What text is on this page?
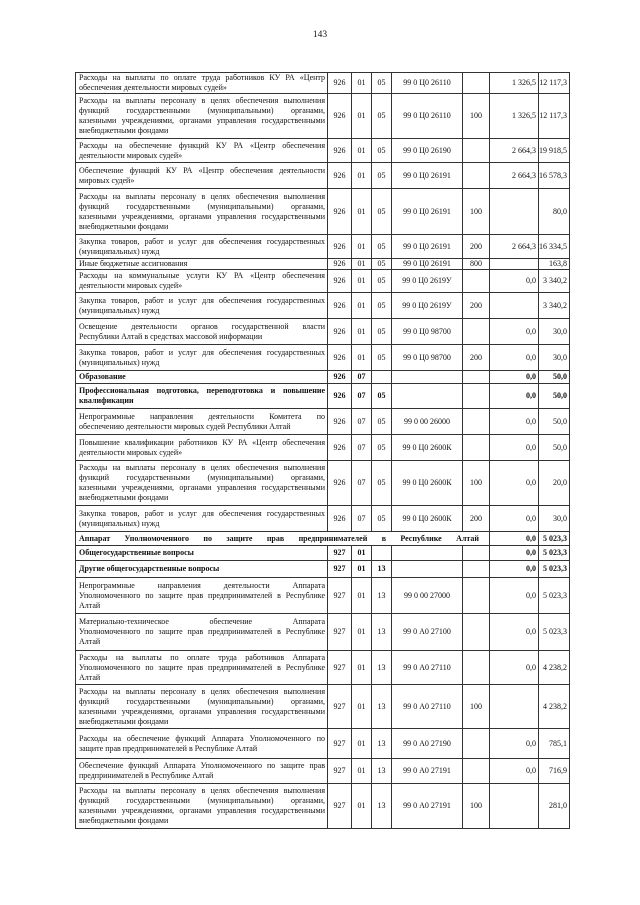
143
Расходы на выплаты по оплате труда работников КУ РА «Центр
обеспечения деятельности мировых судей»	926	01	05	99 0 Ц0 26110		1 326,5	12 117,3

Расходы на выплаты персоналу в целях обеспечения выполнения
функций государственными (муниципальными) органами,
казенными учреждениями, органами управления государственными
внебюджетными фондами	926	01	05	99 0 Ц0 26110	100	1 326,5	12 117,3

Расходы на обеспечение функций КУ РА «Центр обеспечения
деятельности мировых судей»	926	01	05	99 0 Ц0 26190		2 664,3	19 918,5

Обеспечение функций КУ РА «Центр обеспечения деятельности
мировых судей»	926	01	05	99 0 Ц0 26191		2 664,3	16 578,3

Расходы на выплаты персоналу в целях обеспечения выполнения
функций государственными (муниципальными) органами,
казенными учреждениями, органами управления государственными
внебюджетными фондами	926	01	05	99 0 Ц0 26191	100		80,0

Закупка товаров, работ и услуг для обеспечения государственных
(муниципальных) нужд	926	01	05	99 0 Ц0 26191	200	2 664,3	16 334,5

Иные бюджетные ассигнования	926	01	05	99 0 Ц0 26191	800		163,8

Расходы на коммунальные услуги КУ РА «Центр обеспечения
деятельности мировых судей»	926	01	05	99 0 Ц0 2619У		0,0	3 340,2

Закупка товаров, работ и услуг для обеспечения государственных
(муниципальных) нужд	926	01	05	99 0 Ц0 2619У	200		3 340,2

Освещение деятельности органов государственной власти
Республики Алтай в средствах массовой информации	926	01	05	99 0 Ц0 98700		0,0	30,0

Закупка товаров, работ и услуг для обеспечения государственных
(муниципальных) нужд	926	01	05	99 0 Ц0 98700	200	0,0	30,0

Образование	926	07				0,0	50,0

Профессиональная подготовка, переподготовка и повышение
квалификации	926	07	05			0,0	50,0

Непрограммные направления деятельности Комитета по
обеспечению деятельности мировых судей Республики Алтай	926	07	05	99 0 00 26000		0,0	50,0

Повышение квалификации работников КУ РА «Центр обеспечения
деятельности мировых судей»	926	07	05	99 0 Ц0 2600К		0,0	50,0

Расходы на выплаты персоналу в целях обеспечения выполнения
функций государственными (муниципальными) органами,
казенными учреждениями, органами управления государственными
внебюджетными фондами	926	07	05	99 0 Ц0 2600К	100	0,0	20,0

Закупка товаров, работ и услуг для обеспечения государственных
(муниципальных) нужд	926	07	05	99 0 Ц0 2600К	200	0,0	30,0

Аппарат Уполномоченного по защите прав предпринимателей в Республике Алтай						0,0	5 023,3

Общегосударственные вопросы	927	01				0,0	5 023,3

Другие общегосударственные вопросы	927	01	13			0,0	5 023,3

Непрограммные направления деятельности Аппарата
Уполномоченного по защите прав предпринимателей в Республике
Алтай	927	01	13	99 0 00 27000		0,0	5 023,3

Материально-техническое обеспечение Аппарата
Уполномоченного по защите прав предпринимателей в Республике
Алтай	927	01	13	99 0 А0 27100		0,0	5 023,3

Расходы на выплаты по оплате труда работников Аппарата
Уполномоченного по защите прав предпринимателей в Республике
Алтай	927	01	13	99 0 А0 27110		0,0	4 238,2

Расходы на выплаты персоналу в целях обеспечения выполнения
функций государственными (муниципальными) органами,
казенными учреждениями, органами управления государственными
внебюджетными фондами	927	01	13	99 0 А0 27110	100		4 238,2

Расходы на обеспечение функций Аппарата Уполномоченного по
защите прав предпринимателей в Республике Алтай	927	01	13	99 0 А0 27190		0,0	785,1

Обеспечение функций Аппарата Уполномоченного по защите прав
предпринимателей в Республике Алтай	927	01	13	99 0 А0 27191		0,0	716,9

Расходы на выплаты персоналу в целях обеспечения выполнения
функций государственными (муниципальными) органами,
казенными учреждениями, органами управления государственными
внебюджетными фондами	927	01	13	99 0 А0 27191	100		281,0
